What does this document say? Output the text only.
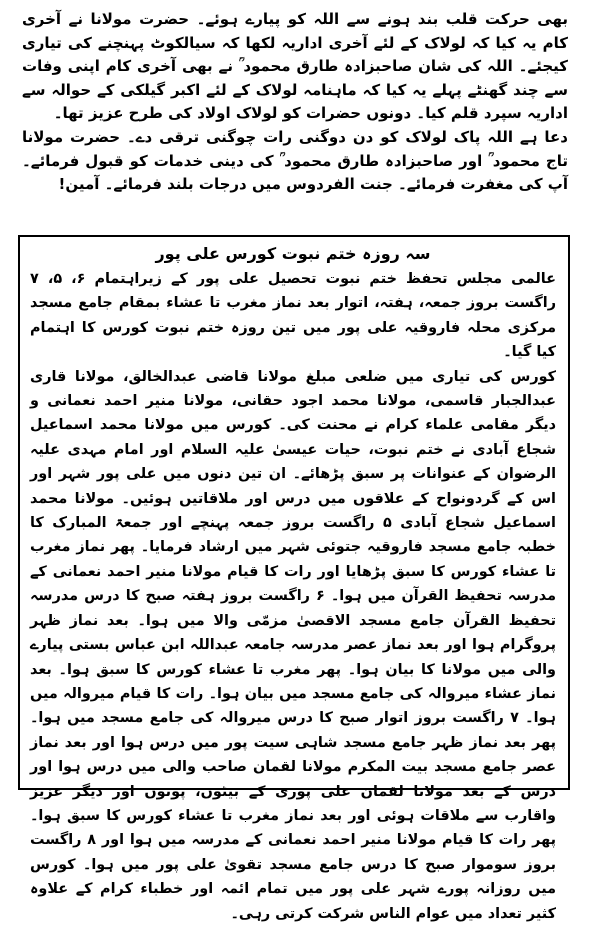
بھی حرکت قلب بند ہونے سے اللہ کو پیارے ہوئے۔ حضرت مولانا نے آخری کام یہ کیا کہ لولاک کے لئے آخری اداریہ لکھا کہ سیالکوٹ پہنچنے کی تیاری کیجئے۔ اللہ کی شان صاحبزادہ طارق محمود ؒ نے بھی آخری کام اپنی وفات سے چند گھنٹے پہلے یہ کیا کہ ماہنامہ لولاک کے لئے اکبر گیلکی کے حوالہ سے اداریہ سپرد قلم کیا۔ دونوں حضرات کو لولاک اولاد کی طرح عزیز تھا۔

دعا ہے اللہ پاک لولاک کو دن دوگنی رات چوگنی ترقی دے۔ حضرت مولانا تاج محمود ؒ اور صاحبزادہ طارق محمود ؒ کی دینی خدمات کو قبول فرمائے۔ آپ کی مغفرت فرمائے۔ جنت الفردوس میں درجات بلند فرمائے۔ آمین!

سہ روزہ ختم نبوت کورس علی پور

عالمی مجلس تحفظ ختم نبوت تحصیل علی پور کے زیراہتمام ۶، ۵، ۷ راگست بروز جمعہ، ہفتہ، اتوار بعد نماز مغرب تا عشاء بمقام جامع مسجد مرکزی محلہ فاروقیہ علی پور میں تین روزہ ختم نبوت کورس کا اہتمام کیا گیا۔

کورس کی تیاری میں ضلعی مبلغ مولانا قاضی عبدالخالق، مولانا قاری عبدالجبار قاسمی، مولانا محمد اجود حقانی، مولانا منیر احمد نعمانی و دیگر مقامی علماء کرام نے محنت کی۔ کورس میں مولانا محمد اسماعیل شجاع آبادی نے ختم نبوت، حیات عیسیٰ علیہ السلام اور امام مہدی علیہ الرضوان کے عنوانات پر سبق پڑھائے۔ ان تین دنوں میں علی پور شہر اور اس کے گردونواح کے علاقوں میں درس اور ملاقاتیں ہوئیں۔ مولانا محمد اسماعیل شجاع آبادی ۵ راگست بروز جمعہ پہنچے اور جمعۃ المبارک کا خطبہ جامع مسجد فاروقیہ جتوئی شہر میں ارشاد فرمایا۔ پھر نماز مغرب تا عشاء کورس کا سبق پڑھایا اور رات کا قیام مولانا منیر احمد نعمانی کے مدرسہ تحفیظ القرآن میں ہوا۔ ۶ راگست بروز ہفتہ صبح کا درس مدرسہ تحفیظ القرآن جامع مسجد الاقصیٰ مزمّی والا میں ہوا۔ بعد نماز ظہر پروگرام ہوا اور بعد نماز عصر مدرسہ جامعہ عبداللہ ابن عباس بستی پیارے والی میں مولانا کا بیان ہوا۔ پھر مغرب تا عشاء کورس کا سبق ہوا۔ بعد نماز عشاء میروالہ کی جامع مسجد میں بیان ہوا۔ رات کا قیام میروالہ میں ہوا۔ ۷ راگست بروز اتوار صبح کا درس میروالہ کی جامع مسجد میں ہوا۔ پھر بعد نماز ظہر جامع مسجد شاہی سیت پور میں درس ہوا اور بعد نماز عصر جامع مسجد بیت المکرم مولانا لقمان صاحب والی میں درس ہوا اور درس کے بعد مولانا لقمان علی پوری کے بیٹوں، پوتوں اور دیگر عزیز واقارب سے ملاقات ہوئی اور بعد نماز مغرب تا عشاء کورس کا سبق ہوا۔ پھر رات کا قیام مولانا منیر احمد نعمانی کے مدرسہ میں ہوا اور ۸ راگست بروز سوموار صبح کا درس جامع مسجد تقویٰ علی پور میں ہوا۔ کورس میں روزانہ پورے شہر علی پور میں تمام ائمہ اور خطباء کرام کے علاوہ کثیر تعداد میں عوام الناس شرکت کرتی رہی۔
